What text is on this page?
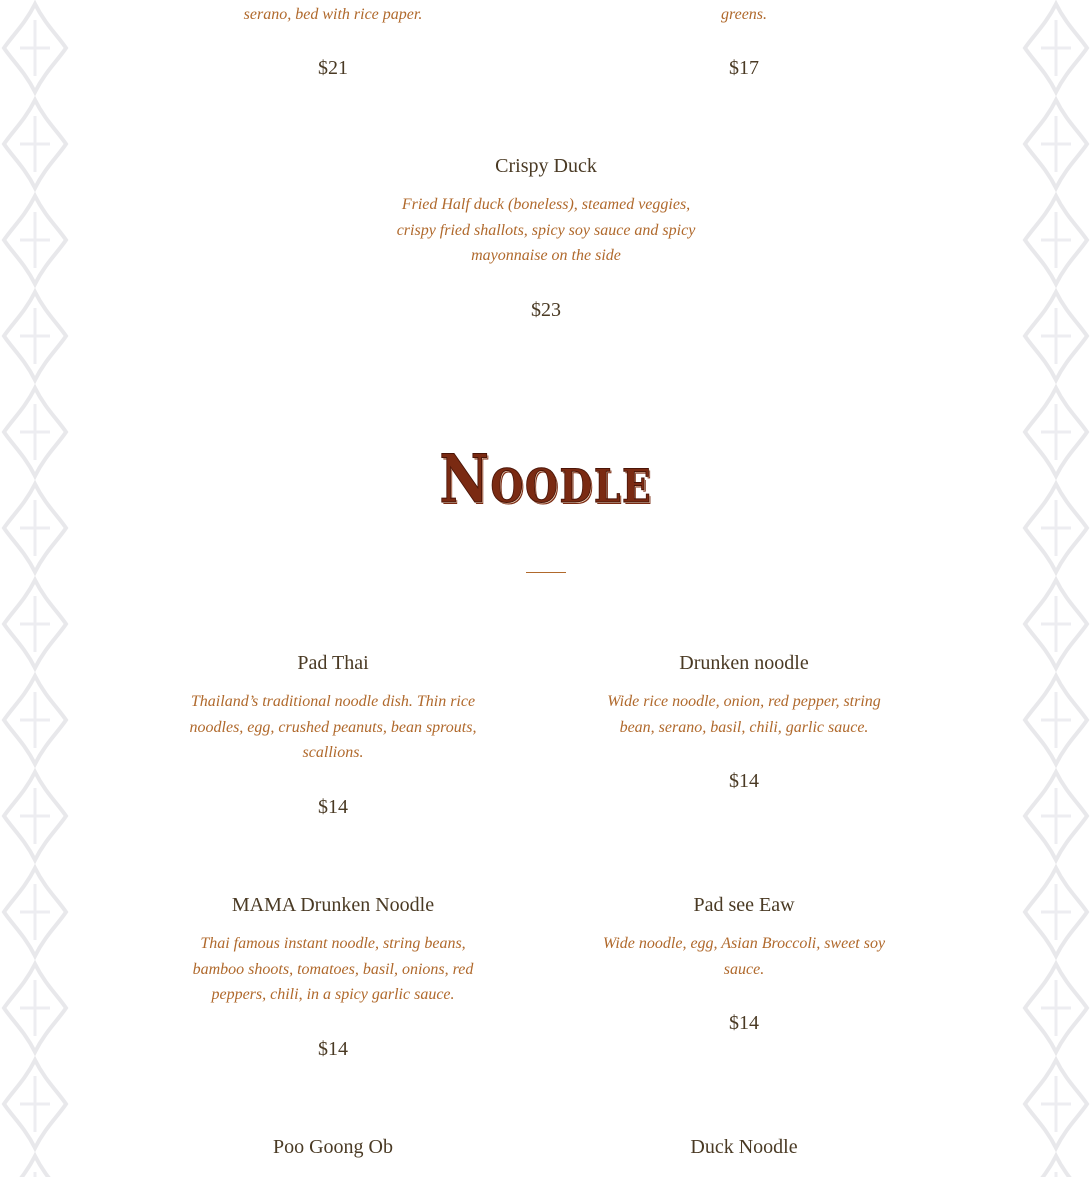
serano, bed with rice paper.

$21

greens.

$17

Crispy Duck

Fried Half duck (boneless), steamed veggies,
crispy fried shallots, spicy soy sauce and spicy
mayonnaise on the side

$23

Noodle

Pad Thai

Thailand’s traditional noodle dish. Thin rice
noodles, egg, crushed peanuts, bean sprouts,
scallions.

$14

Drunken noodle

Wide rice noodle, onion, red pepper, string
bean, serano, basil, chili, garlic sauce.

$14

MAMA Drunken Noodle

Thai famous instant noodle, string beans,
bamboo shoots, tomatoes, basil, onions, red
peppers, chili, in a spicy garlic sauce.

$14

Pad see Eaw

Wide noodle, egg, Asian Broccoli, sweet soy
sauce.

$14

Poo Goong Ob	Duck Noodle
